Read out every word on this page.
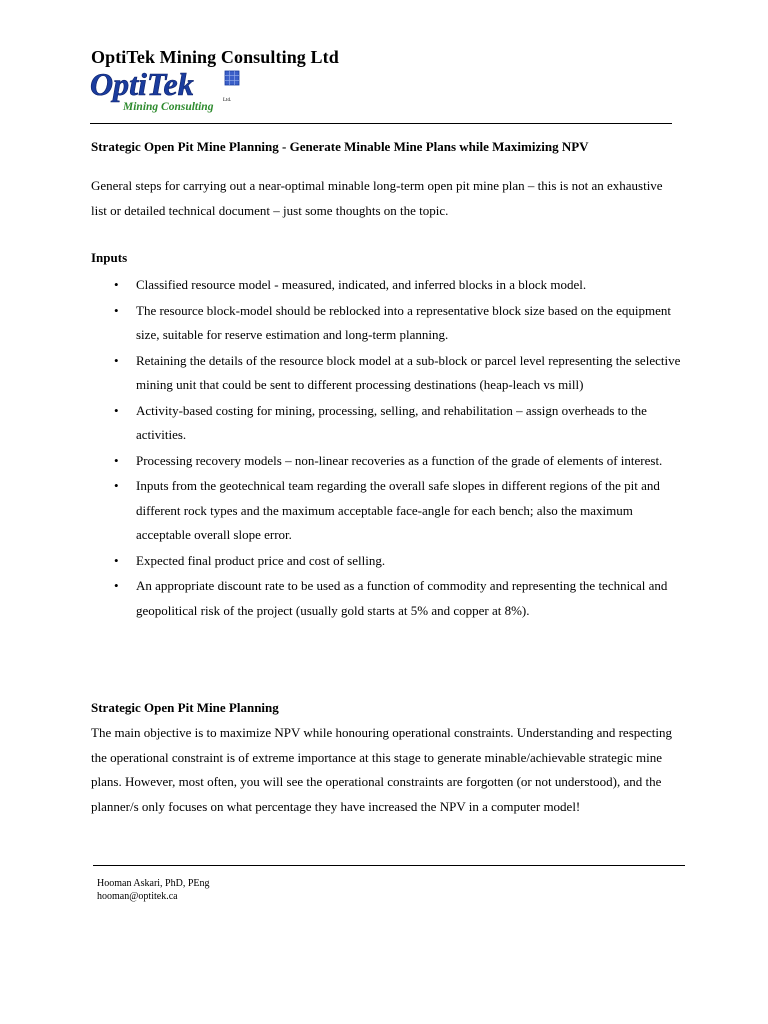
OptiTek Mining Consulting Ltd
OptiTek
Mining Consulting
Ltd.
Strategic Open Pit Mine Planning - Generate Minable Mine Plans while Maximizing NPV

General steps for carrying out a near-optimal minable long-term open pit mine plan – this is not an exhaustive list or detailed technical document – just some thoughts on the topic.

Inputs
• Classified resource model - measured, indicated, and inferred blocks in a block model.
• The resource block-model should be reblocked into a representative block size based on the equipment size, suitable for reserve estimation and long-term planning.
• Retaining the details of the resource block model at a sub-block or parcel level representing the selective mining unit that could be sent to different processing destinations (heap-leach vs mill)
• Activity-based costing for mining, processing, selling, and rehabilitation – assign overheads to the activities.
• Processing recovery models – non-linear recoveries as a function of the grade of elements of interest.
• Inputs from the geotechnical team regarding the overall safe slopes in different regions of the pit and different rock types and the maximum acceptable face-angle for each bench; also the maximum acceptable overall slope error.
• Expected final product price and cost of selling.
• An appropriate discount rate to be used as a function of commodity and representing the technical and geopolitical risk of the project (usually gold starts at 5% and copper at 8%).
Strategic Open Pit Mine Planning

The main objective is to maximize NPV while honouring operational constraints. Understanding and respecting the operational constraint is of extreme importance at this stage to generate minable/achievable strategic mine plans. However, most often, you will see the operational constraints are forgotten (or not understood), and the planner/s only focuses on what percentage they have increased the NPV in a computer model!

Hooman Askari, PhD, PEng
hooman@optitek.ca
